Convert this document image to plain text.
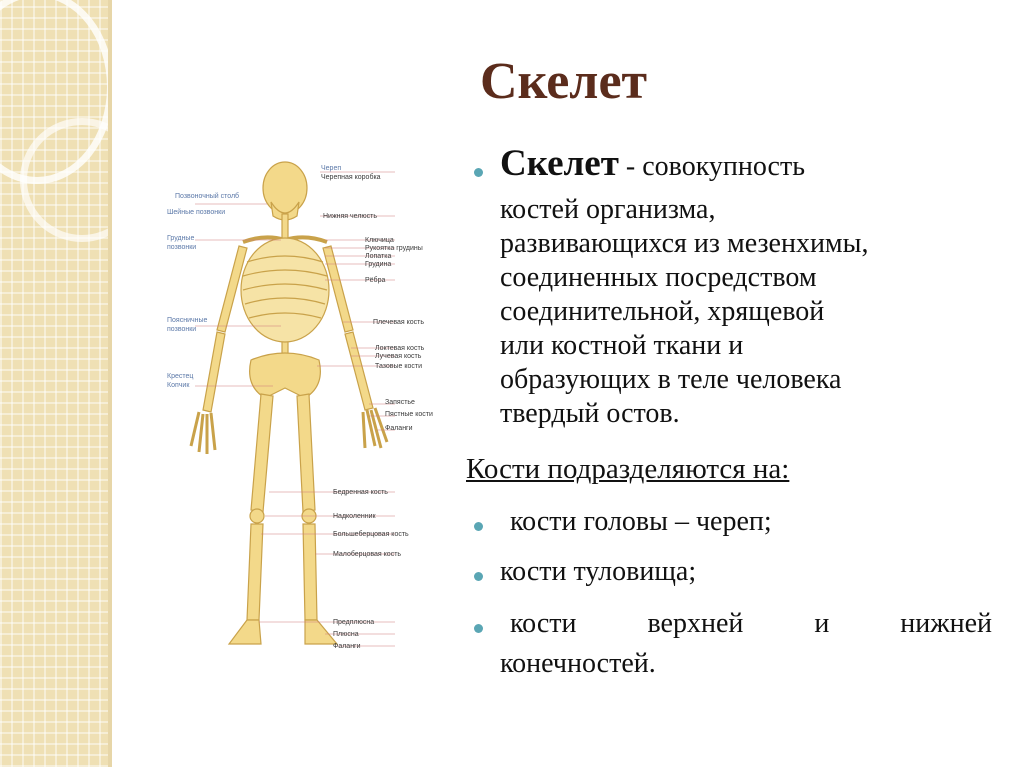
Скелет
Позвоночный столб
Шейные позвонки
Грудные
позвонки
Поясничные
позвонки
Крестец
Копчик
Череп
Черепная коробка
Нижняя челюсть
Ключица
Рукоятка грудины
Лопатка
Грудина
Рёбра
Плечевая кость
Локтевая кость
Лучевая кость
Тазовые кости
Запястье
Пястные кости
Фаланги
Бедренная кость
Надколенник
Большеберцовая кость
Малоберцовая кость
Предплюсна
Плюсна
Фаланги
Скелет - совокупность
костей организма,
развивающихся из мезенхимы,
соединенных посредством
соединительной, хрящевой
или костной ткани и
образующих в теле человека
твердый остов.
Кости подразделяются на:
кости головы – череп;
кости туловища;
кости верхней и нижней
конечностей.
